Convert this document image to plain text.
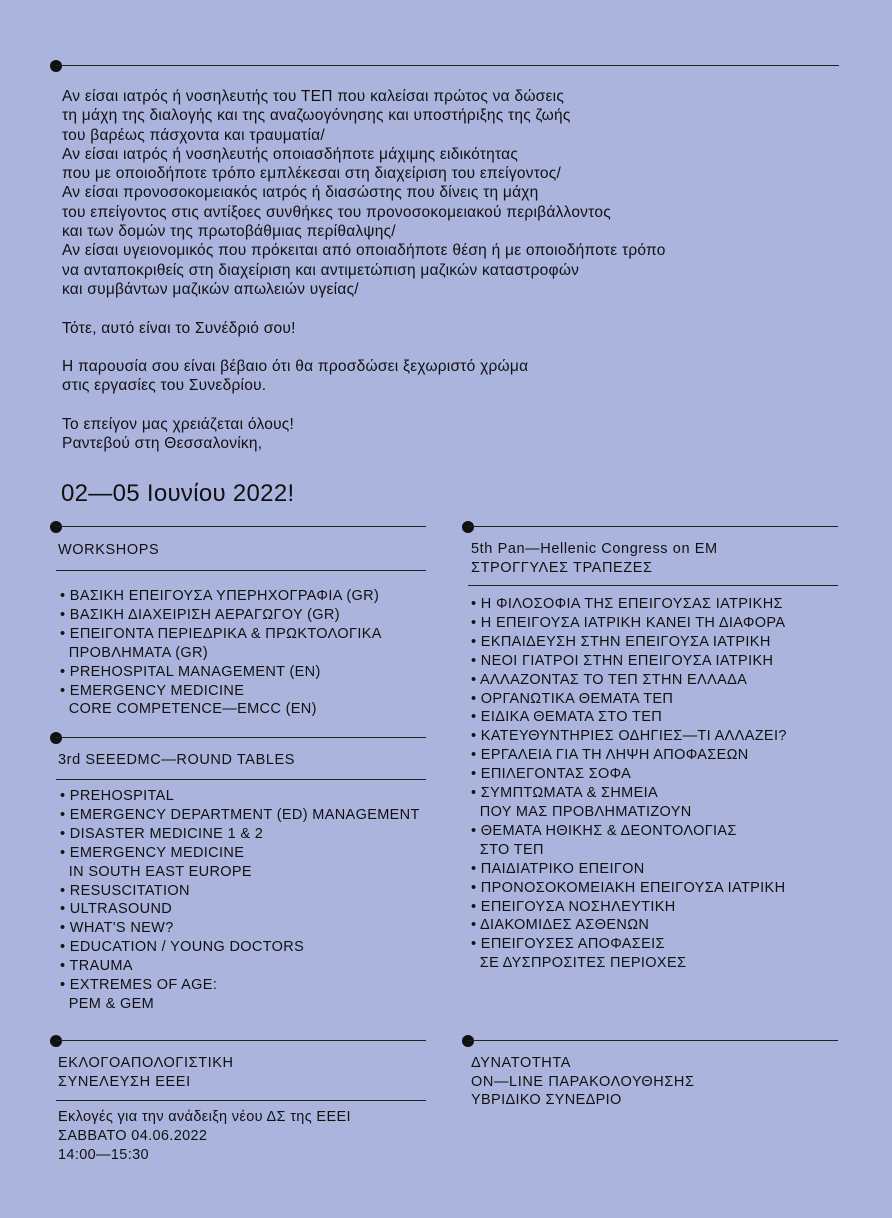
Αν είσαι ιατρός ή νοσηλευτής του ΤΕΠ που καλείσαι πρώτος να δώσεις
τη μάχη της διαλογής και της αναζωογόνησης και υποστήριξης της ζωής
του βαρέως πάσχοντα και τραυματία/
Αν είσαι ιατρός ή νοσηλευτής οποιασδήποτε μάχιμης ειδικότητας
που με οποιοδήποτε τρόπο εμπλέκεσαι στη διαχείριση του επείγοντος/
Αν είσαι προνοσοκομειακός ιατρός ή διασώστης που δίνεις τη μάχη
του επείγοντος στις αντίξοες συνθήκες του προνοσοκομειακού περιβάλλοντος
και των δομών της πρωτοβάθμιας περίθαλψης/
Αν είσαι υγειονομικός που πρόκειται από οποιαδήποτε θέση ή με οποιοδήποτε τρόπο
να ανταποκριθείς στη διαχείριση και αντιμετώπιση μαζικών καταστροφών
και συμβάντων μαζικών απωλειών υγείας/
Τότε, αυτό είναι το Συνέδριό σου!
Η παρουσία σου είναι βέβαιο ότι θα προσδώσει ξεχωριστό χρώμα
στις εργασίες του Συνεδρίου.
Το επείγον μας χρειάζεται όλους!
Ραντεβού στη Θεσσαλονίκη,
02—05 Ιουνίου 2022!
WORKSHOPS
• ΒΑΣΙΚΗ ΕΠΕΙΓΟΥΣΑ ΥΠΕΡΗΧΟΓΡΑΦΙΑ (GR)
• ΒΑΣΙΚΗ ΔΙΑΧΕΙΡΙΣΗ ΑΕΡΑΓΩΓΟΥ (GR)
• ΕΠΕΙΓΟΝΤΑ ΠΕΡΙΕΔΡΙΚΑ & ΠΡΩΚΤΟΛΟΓΙΚΑ
ΠΡΟΒΛΗΜΑΤΑ (GR)
• PREHOSPITAL MANAGEMENT (EN)
• EMERGENCY MEDICINE
CORE COMPETENCE—EMCC (EN)
3rd SEEEDMC—ROUND TABLES
• PREHOSPITAL
• EMERGENCY DEPARTMENT (ED) MANAGEMENT
• DISASTER MEDICINE 1 & 2
• EMERGENCY MEDICINE
IN SOUTH EAST EUROPE
• RESUSCITATION
• ULTRASOUND
• WHAT'S NEW?
• EDUCATION / YOUNG DOCTORS
• TRAUMA
• EXTREMES OF AGE:
PEM & GEM
5th Pan—Hellenic Congress on EM
ΣΤΡΟΓΓΥΛΕΣ ΤΡΑΠΕΖΕΣ
• Η ΦΙΛΟΣΟΦΙΑ ΤΗΣ ΕΠΕΙΓΟΥΣΑΣ ΙΑΤΡΙΚΗΣ
• Η ΕΠΕΙΓΟΥΣΑ ΙΑΤΡΙΚΗ ΚΑΝΕΙ ΤΗ ΔΙΑΦΟΡΑ
• ΕΚΠΑΙΔΕΥΣΗ ΣΤΗΝ ΕΠΕΙΓΟΥΣΑ ΙΑΤΡΙΚΗ
• ΝΕΟΙ ΓΙΑΤΡΟΙ ΣΤΗΝ ΕΠΕΙΓΟΥΣΑ ΙΑΤΡΙΚΗ
• ΑΛΛΑΖΟΝΤΑΣ ΤΟ ΤΕΠ ΣΤΗΝ ΕΛΛΑΔΑ
• ΟΡΓΑΝΩΤΙΚΑ ΘΕΜΑΤΑ ΤΕΠ
• ΕΙΔΙΚΑ ΘΕΜΑΤΑ ΣΤΟ ΤΕΠ
• ΚΑΤΕΥΘΥΝΤΗΡΙΕΣ ΟΔΗΓΙΕΣ—ΤΙ ΑΛΛΑΖΕΙ?
• ΕΡΓΑΛΕΙΑ ΓΙΑ ΤΗ ΛΗΨΗ ΑΠΟΦΑΣΕΩΝ
• ΕΠΙΛΕΓΟΝΤΑΣ ΣΟΦΑ
• ΣΥΜΠΤΩΜΑΤΑ & ΣΗΜΕΙΑ
ΠΟΥ ΜΑΣ ΠΡΟΒΛΗΜΑΤΙΖΟΥΝ
• ΘΕΜΑΤΑ ΗΘΙΚΗΣ & ΔΕΟΝΤΟΛΟΓΙΑΣ
ΣΤΟ ΤΕΠ
• ΠΑΙΔΙΑΤΡΙΚΟ ΕΠΕΙΓΟΝ
• ΠΡΟΝΟΣΟΚΟΜΕΙΑΚΗ ΕΠΕΙΓΟΥΣΑ ΙΑΤΡΙΚΗ
• ΕΠΕΙΓΟΥΣΑ ΝΟΣΗΛΕΥΤΙΚΗ
• ΔΙΑΚΟΜΙΔΕΣ ΑΣΘΕΝΩΝ
• ΕΠΕΙΓΟΥΣΕΣ ΑΠΟΦΑΣΕΙΣ
ΣΕ ΔΥΣΠΡΟΣΙΤΕΣ ΠΕΡΙΟΧΕΣ
ΕΚΛΟΓΟΑΠΟΛΟΓΙΣΤΙΚΗ
ΣΥΝΕΛΕΥΣΗ ΕΕΕΙ
Εκλογές για την ανάδειξη νέου ΔΣ της ΕΕΕΙ
ΣΑΒΒΑΤΟ 04.06.2022
14:00—15:30
ΔΥΝΑΤΟΤΗΤΑ
ON—LINE ΠΑΡΑΚΟΛΟΥΘΗΣΗΣ
ΥΒΡΙΔΙΚΟ ΣΥΝΕΔΡΙΟ
